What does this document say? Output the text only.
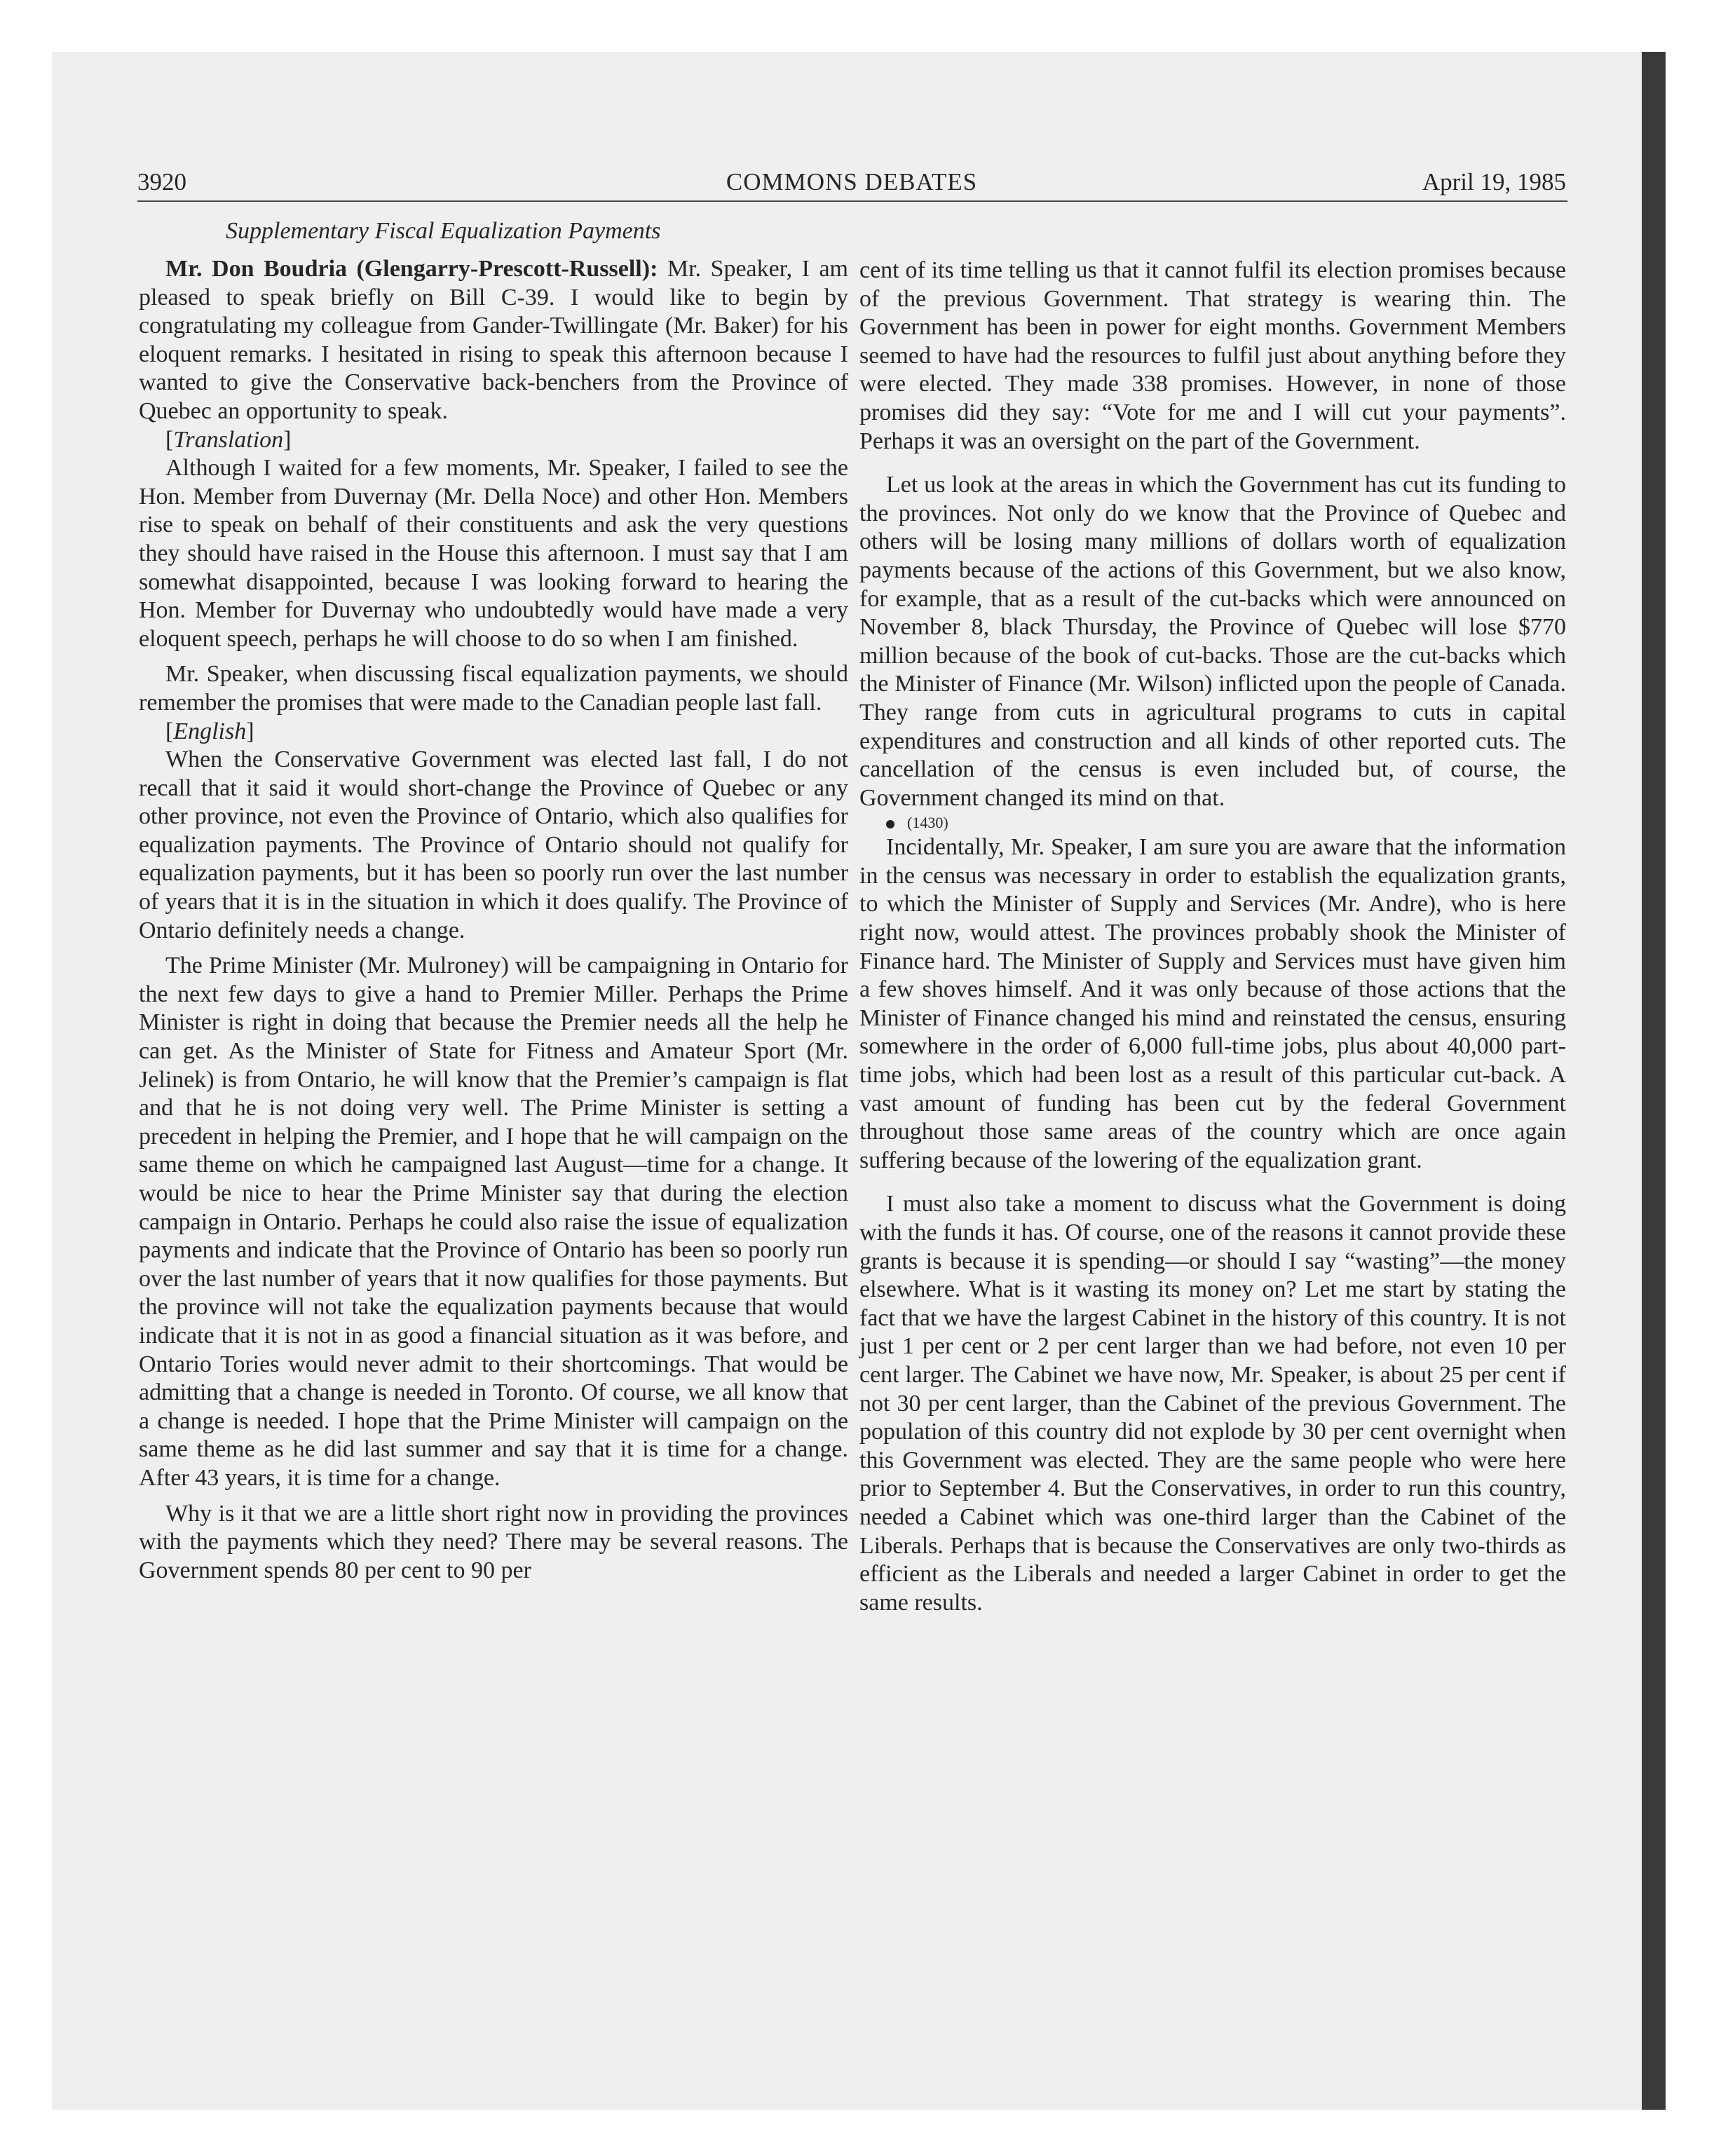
3920	COMMONS DEBATES	April 19, 1985
Supplementary Fiscal Equalization Payments

Mr. Don Boudria (Glengarry-Prescott-Russell): Mr. Speaker, I am pleased to speak briefly on Bill C-39. I would like to begin by congratulating my colleague from Gander-Twillingate (Mr. Baker) for his eloquent remarks. I hesitated in rising to speak this afternoon because I wanted to give the Conservative back-benchers from the Province of Quebec an opportunity to speak.

[Translation]

Although I waited for a few moments, Mr. Speaker, I failed to see the Hon. Member from Duvernay (Mr. Della Noce) and other Hon. Members rise to speak on behalf of their constituents and ask the very questions they should have raised in the House this afternoon. I must say that I am somewhat disappointed, because I was looking forward to hearing the Hon. Member for Duvernay who undoubtedly would have made a very eloquent speech, perhaps he will choose to do so when I am finished.

Mr. Speaker, when discussing fiscal equalization payments, we should remember the promises that were made to the Canadian people last fall.

[English]

When the Conservative Government was elected last fall, I do not recall that it said it would short-change the Province of Quebec or any other province, not even the Province of Ontario, which also qualifies for equalization payments. The Province of Ontario should not qualify for equalization payments, but it has been so poorly run over the last number of years that it is in the situation in which it does qualify. The Province of Ontario definitely needs a change.

The Prime Minister (Mr. Mulroney) will be campaigning in Ontario for the next few days to give a hand to Premier Miller. Perhaps the Prime Minister is right in doing that because the Premier needs all the help he can get. As the Minister of State for Fitness and Amateur Sport (Mr. Jelinek) is from Ontario, he will know that the Premier’s campaign is flat and that he is not doing very well. The Prime Minister is setting a precedent in helping the Premier, and I hope that he will campaign on the same theme on which he campaigned last August—time for a change. It would be nice to hear the Prime Minister say that during the election campaign in Ontario. Perhaps he could also raise the issue of equalization payments and indicate that the Province of Ontario has been so poorly run over the last number of years that it now qualifies for those payments. But the province will not take the equalization payments because that would indicate that it is not in as good a financial situation as it was before, and Ontario Tories would never admit to their shortcomings. That would be admitting that a change is needed in Toronto. Of course, we all know that a change is needed. I hope that the Prime Minister will campaign on the same theme as he did last summer and say that it is time for a change. After 43 years, it is time for a change.

Why is it that we are a little short right now in providing the provinces with the payments which they need? There may be several reasons. The Government spends 80 per cent to 90 per

cent of its time telling us that it cannot fulfil its election promises because of the previous Government. That strategy is wearing thin. The Government has been in power for eight months. Government Members seemed to have had the resources to fulfil just about anything before they were elected. They made 338 promises. However, in none of those promises did they say: “Vote for me and I will cut your payments”. Perhaps it was an oversight on the part of the Government.

Let us look at the areas in which the Government has cut its funding to the provinces. Not only do we know that the Province of Quebec and others will be losing many millions of dollars worth of equalization payments because of the actions of this Government, but we also know, for example, that as a result of the cut-backs which were announced on November 8, black Thursday, the Province of Quebec will lose $770 million because of the book of cut-backs. Those are the cut-backs which the Minister of Finance (Mr. Wilson) inflicted upon the people of Canada. They range from cuts in agricultural programs to cuts in capital expenditures and construction and all kinds of other reported cuts. The cancellation of the census is even included but, of course, the Government changed its mind on that.

(1430)

Incidentally, Mr. Speaker, I am sure you are aware that the information in the census was necessary in order to establish the equalization grants, to which the Minister of Supply and Services (Mr. Andre), who is here right now, would attest. The provinces probably shook the Minister of Finance hard. The Minister of Supply and Services must have given him a few shoves himself. And it was only because of those actions that the Minister of Finance changed his mind and reinstated the census, ensuring somewhere in the order of 6,000 full-time jobs, plus about 40,000 part-time jobs, which had been lost as a result of this particular cut-back. A vast amount of funding has been cut by the federal Government throughout those same areas of the country which are once again suffering because of the lowering of the equalization grant.

I must also take a moment to discuss what the Government is doing with the funds it has. Of course, one of the reasons it cannot provide these grants is because it is spending—or should I say “wasting”—the money elsewhere. What is it wasting its money on? Let me start by stating the fact that we have the largest Cabinet in the history of this country. It is not just 1 per cent or 2 per cent larger than we had before, not even 10 per cent larger. The Cabinet we have now, Mr. Speaker, is about 25 per cent if not 30 per cent larger, than the Cabinet of the previous Government. The population of this country did not explode by 30 per cent overnight when this Government was elected. They are the same people who were here prior to September 4. But the Conservatives, in order to run this country, needed a Cabinet which was one-third larger than the Cabinet of the Liberals. Perhaps that is because the Conservatives are only two-thirds as efficient as the Liberals and needed a larger Cabinet in order to get the same results.
